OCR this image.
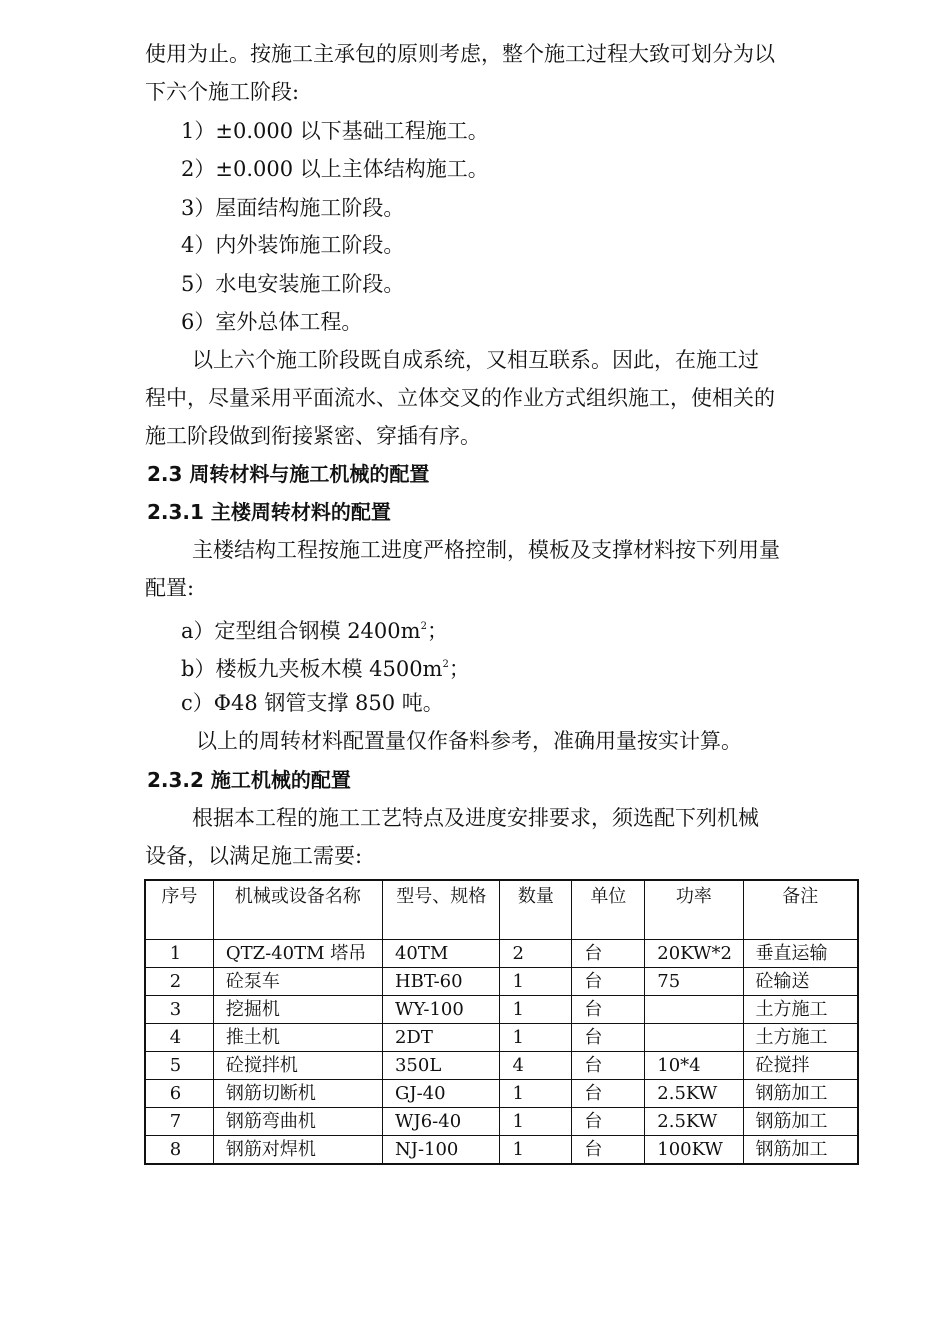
使用为止。按施工主承包的原则考虑，整个施工过程大致可划分为以
下六个施工阶段:
1）±0.000 以下基础工程施工。
2）±0.000 以上主体结构施工。
3）屋面结构施工阶段。
4）内外装饰施工阶段。
5）水电安装施工阶段。
6）室外总体工程。
以上六个施工阶段既自成系统，又相互联系。因此，在施工过
程中，尽量采用平面流水、立体交叉的作业方式组织施工，使相关的
施工阶段做到衔接紧密、穿插有序。
2.3 周转材料与施工机械的配置
2.3.1 主楼周转材料的配置
主楼结构工程按施工进度严格控制，模板及支撑材料按下列用量
配置:
a）定型组合钢模 $2400m^2$；
b）楼板九夹板木模 $4500m^2$；
c）Φ48 钢管支撑 850 吨。
以上的周转材料配置量仅作备料参考，准确用量按实计算。
2.3.2 施工机械的配置
根据本工程的施工工艺特点及进度安排要求，须选配下列机械
设备，以满足施工需要:
序号	机械或设备名称	型号、规格	数量	单位	功率	备注
1	QTZ-40TM 塔吊	40TM	2	台	20KW*2	垂直运输
2	砼泵车	HBT-60	1	台	75	砼输送
3	挖掘机	WY-100	1	台		土方施工
4	推土机	2DT	1	台		土方施工
5	砼搅拌机	350L	4	台	10*4	砼搅拌
6	钢筋切断机	GJ-40	1	台	2.5KW	钢筋加工
7	钢筋弯曲机	WJ6-40	1	台	2.5KW	钢筋加工
8	钢筋对焊机	NJ-100	1	台	100KW	钢筋加工
